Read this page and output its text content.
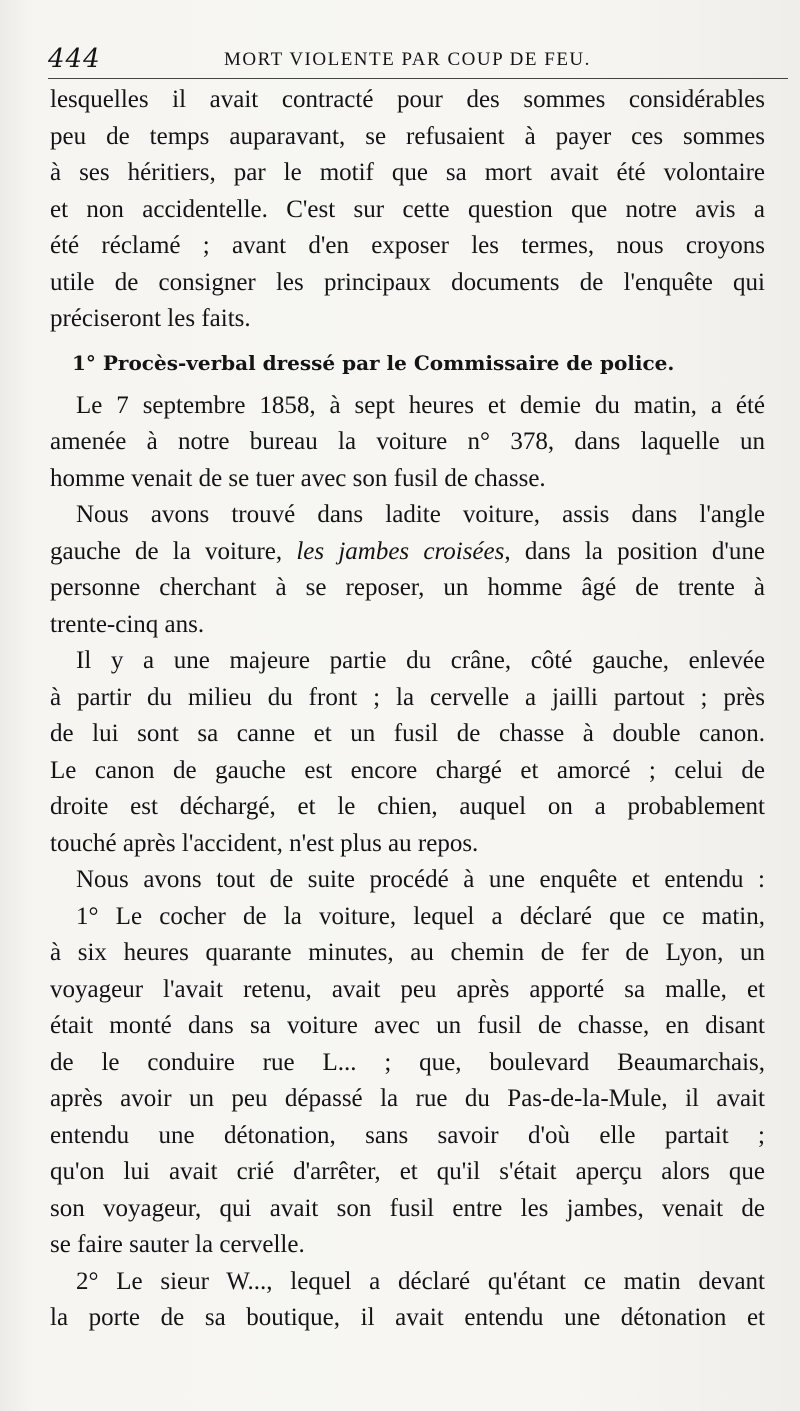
444	MORT VIOLENTE PAR COUP DE FEU.
lesquelles il avait contracté pour des sommes considérables
peu de temps auparavant, se refusaient à payer ces sommes
à ses héritiers, par le motif que sa mort avait été volontaire
et non accidentelle. C'est sur cette question que notre avis a
été réclamé ; avant d'en exposer les termes, nous croyons
utile de consigner les principaux documents de l'enquête qui
préciseront les faits.
1° Procès-verbal dressé par le Commissaire de police.
Le 7 septembre 1858, à sept heures et demie du matin, a été
amenée à notre bureau la voiture n° 378, dans laquelle un
homme venait de se tuer avec son fusil de chasse.
Nous avons trouvé dans ladite voiture, assis dans l'angle
gauche de la voiture, les jambes croisées, dans la position d'une
personne cherchant à se reposer, un homme âgé de trente à
trente-cinq ans.
Il y a une majeure partie du crâne, côté gauche, enlevée
à partir du milieu du front ; la cervelle a jailli partout ; près
de lui sont sa canne et un fusil de chasse à double canon.
Le canon de gauche est encore chargé et amorcé ; celui de
droite est déchargé, et le chien, auquel on a probablement
touché après l'accident, n'est plus au repos.
Nous avons tout de suite procédé à une enquête et entendu :
1° Le cocher de la voiture, lequel a déclaré que ce matin,
à six heures quarante minutes, au chemin de fer de Lyon, un
voyageur l'avait retenu, avait peu après apporté sa malle, et
était monté dans sa voiture avec un fusil de chasse, en disant
de le conduire rue L... ; que, boulevard Beaumarchais,
après avoir un peu dépassé la rue du Pas-de-la-Mule, il avait
entendu une détonation, sans savoir d'où elle partait ;
qu'on lui avait crié d'arrêter, et qu'il s'était aperçu alors que
son voyageur, qui avait son fusil entre les jambes, venait de
se faire sauter la cervelle.
2° Le sieur W..., lequel a déclaré qu'étant ce matin devant
la porte de sa boutique, il avait entendu une détonation et
